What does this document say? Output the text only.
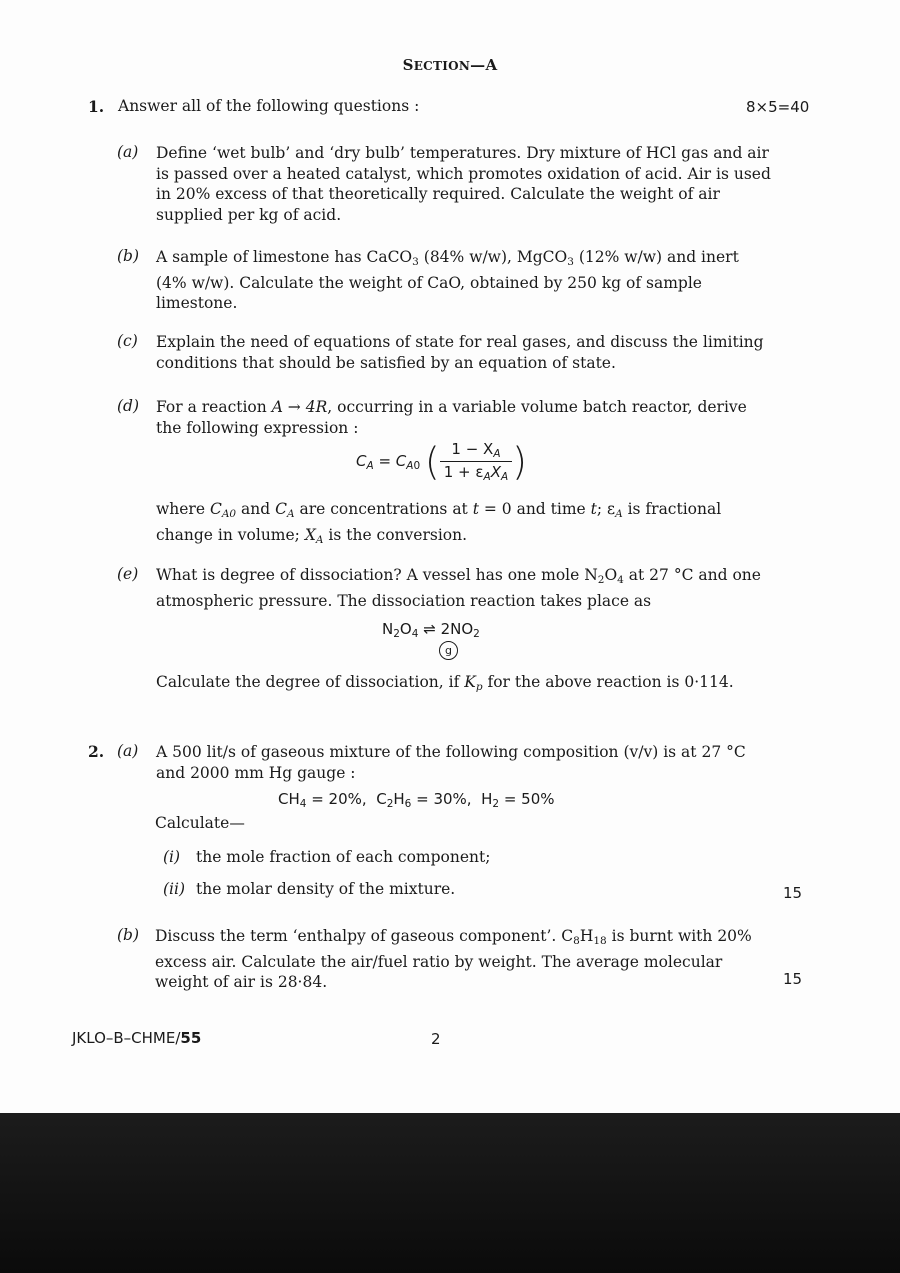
SECTION—A
1. Answer all of the following questions :	8×5=40
(a) Define ‘wet bulb’ and ‘dry bulb’ temperatures. Dry mixture of HCl gas and air is passed over a heated catalyst, which promotes oxidation of acid. Air is used in 20% excess of that theoretically required. Calculate the weight of air supplied per kg of acid.
(b) A sample of limestone has CaCO$_3$ (84% w/w), MgCO$_3$ (12% w/w) and inert (4% w/w). Calculate the weight of CaO, obtained by 250 kg of sample limestone.
(c) Explain the need of equations of state for real gases, and discuss the limiting conditions that should be satisfied by an equation of state.
(d) For a reaction A → 4R, occurring in a variable volume batch reactor, derive the following expression :
$C_A = C_{A0}$ ( $\frac{1 - X_A}{1 + \varepsilon_AX_A}$ )
where $C_{A0}$ and $C_A$ are concentrations at t = 0 and time t; $\varepsilon_A$ is fractional change in volume; $X_A$ is the conversion.
(e) What is degree of dissociation? A vessel has one mole $N_2O_4$ at 27 °C and one atmospheric pressure. The dissociation reaction takes place as
$N_2O_4$ ⇌ $2NO_2$
g
Calculate the degree of dissociation, if $K_p$ for the above reaction is 0·114.
2. (a) A 500 lit/s of gaseous mixture of the following composition (v/v) is at 27 °C and 2000 mm Hg gauge :
$CH_4 = 20\%$,  $C_2H_6 = 30\%$,  $H_2 = 50\%$
Calculate—
(i) the mole fraction of each component;
(ii) the molar density of the mixture.	15
(b) Discuss the term ‘enthalpy of gaseous component’. $C_8H_{18}$ is burnt with 20% excess air. Calculate the air/fuel ratio by weight. The average molecular weight of air is 28·84.	15
JKLO–B–CHME/55	2
